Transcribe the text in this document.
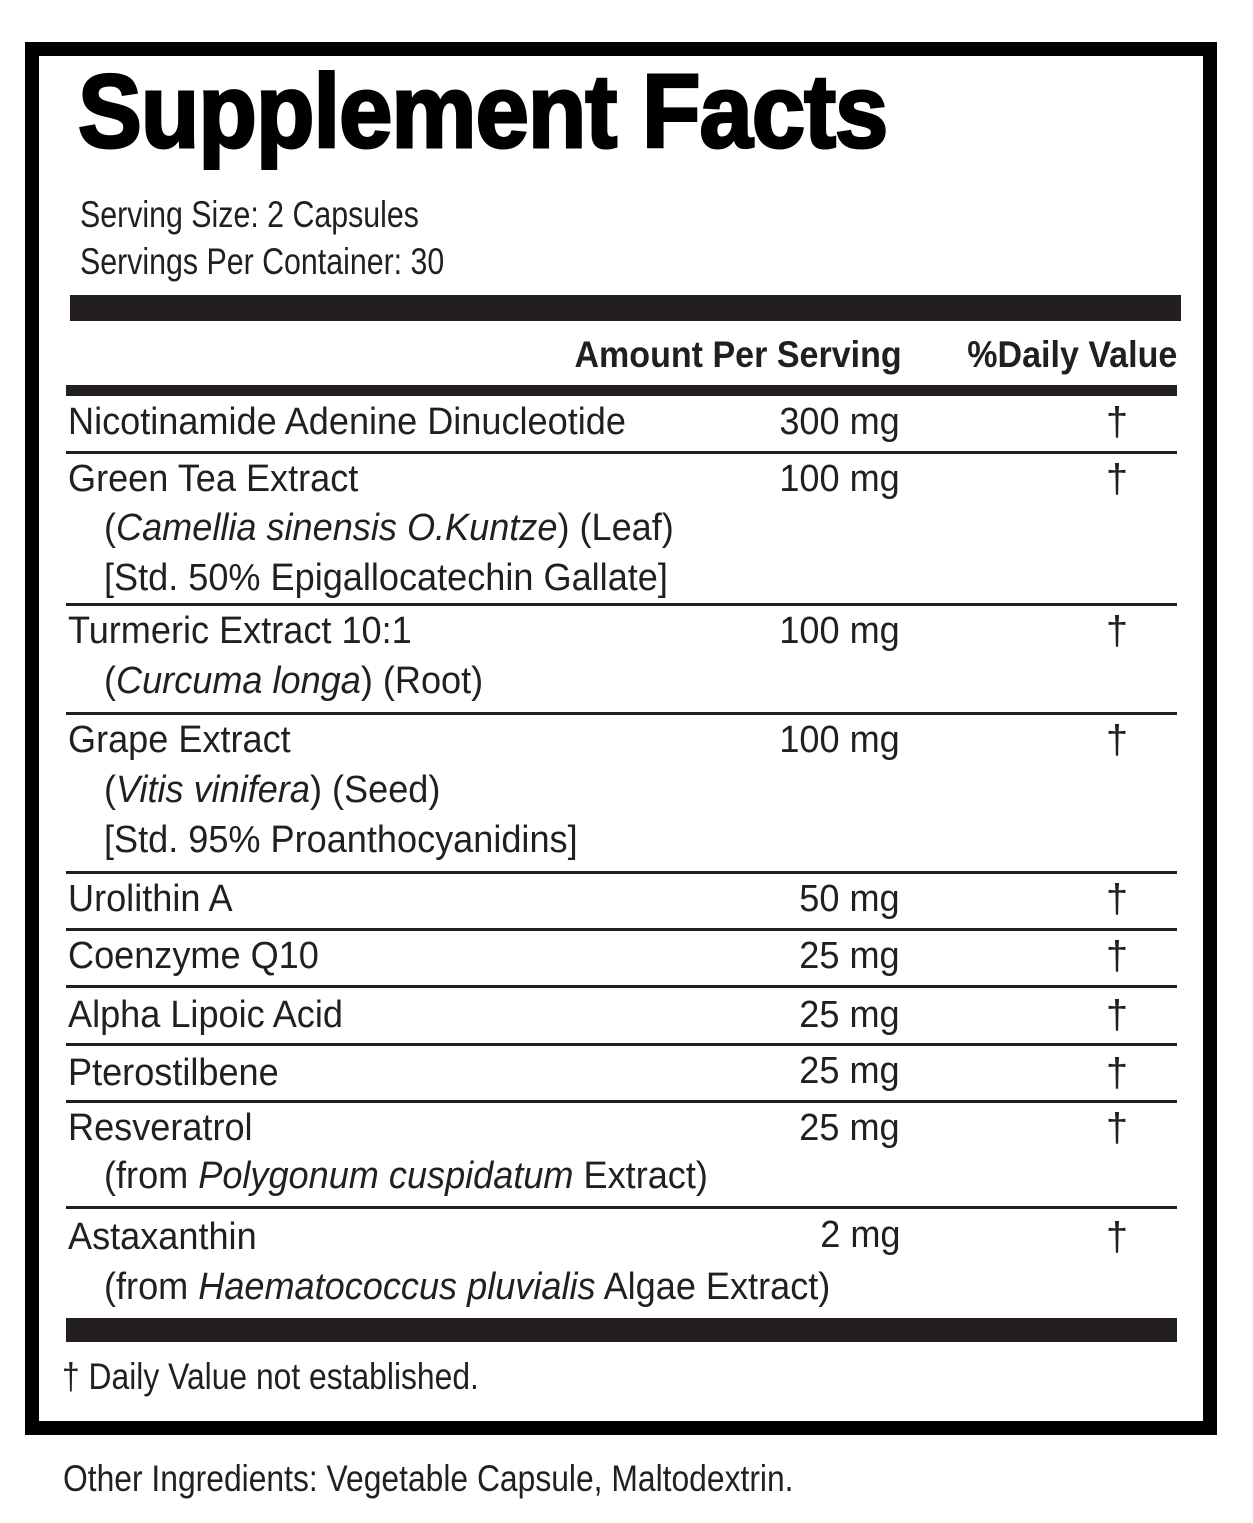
Supplement Facts
Serving Size: 2 Capsules
Servings Per Container: 30
Amount Per Serving %Daily Value
Nicotinamide Adenine Dinucleotide	300 mg	†
Green Tea Extract	100 mg	†
(Camellia sinensis O.Kuntze) (Leaf)
[Std. 50% Epigallocatechin Gallate]
Turmeric Extract 10:1	100 mg	†
(Curcuma longa) (Root)
Grape Extract	100 mg	†
(Vitis vinifera) (Seed)
[Std. 95% Proanthocyanidins]
Urolithin A	50 mg	†
Coenzyme Q10	25 mg	†
Alpha Lipoic Acid	25 mg	†
Pterostilbene	25 mg	†
Resveratrol	25 mg	†
(from Polygonum cuspidatum Extract)
Astaxanthin	2 mg	†
(from Haematococcus pluvialis Algae Extract)
† Daily Value not established.
Other Ingredients: Vegetable Capsule, Maltodextrin.
